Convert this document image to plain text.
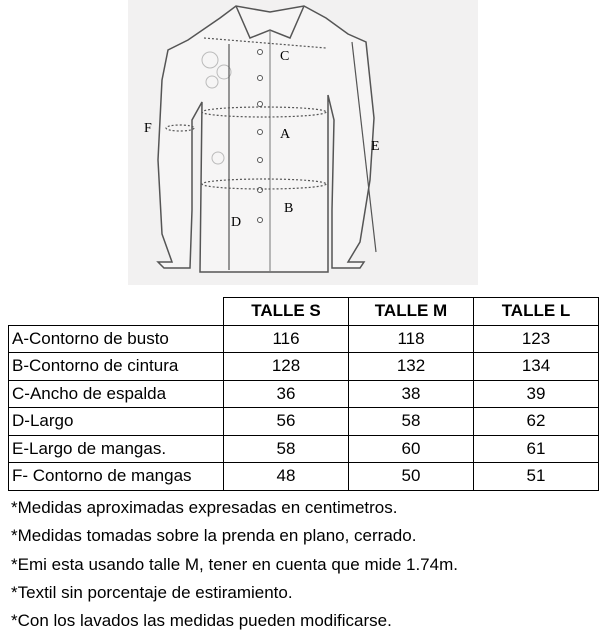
C
A
B
D
E
F
	TALLE S	TALLE M	TALLE L
A-Contorno de busto	116	118	123
B-Contorno de cintura	128	132	134
C-Ancho de espalda	36	38	39
D-Largo	56	58	62
E-Largo de mangas.	58	60	61
F- Contorno de mangas	48	50	51
*Medidas aproximadas expresadas en centimetros.
*Medidas tomadas sobre la prenda en plano, cerrado.
*Emi esta usando talle M, tener en cuenta que mide 1.74m.
*Textil sin porcentaje de estiramiento.
*Con los lavados las medidas pueden modificarse.
